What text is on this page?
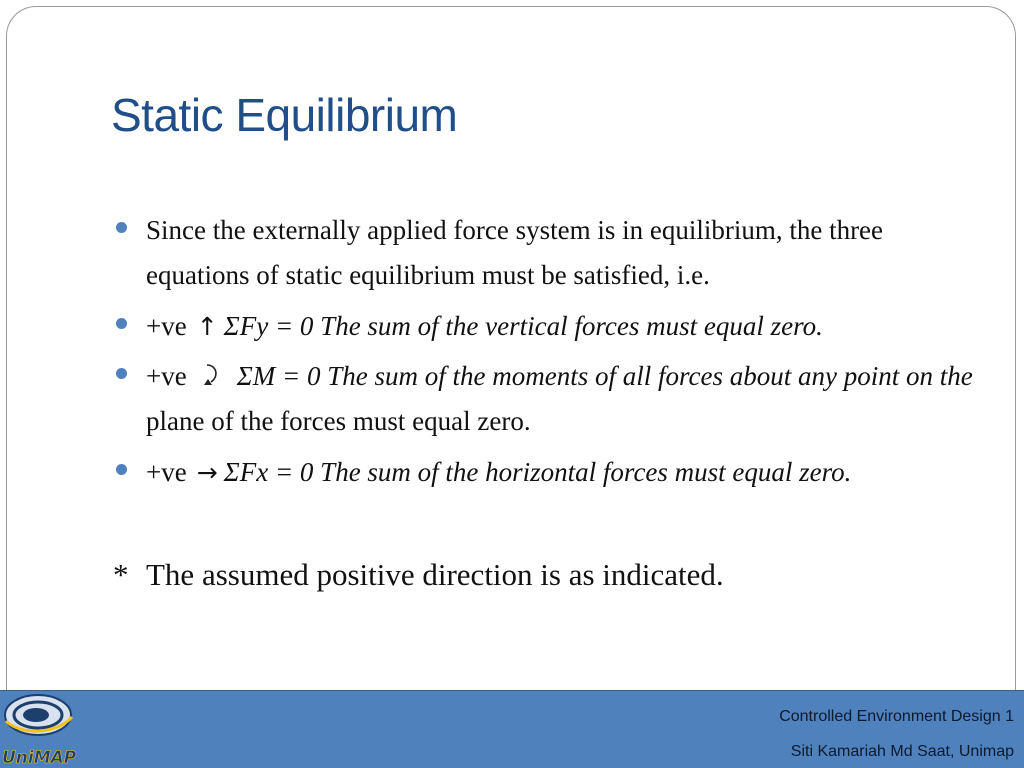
Static Equilibrium

Since the externally applied force system is in equilibrium, the three equations of static equilibrium must be satisfied, i.e.

+ve ↑ ΣFy = 0 The sum of the vertical forces must equal zero.

+ve ΣM = 0 The sum of the moments of all forces about any point on the plane of the forces must equal zero.

+ve → ΣFx = 0 The sum of the horizontal forces must equal zero.

* The assumed positive direction is as indicated.
UniMAP
Controlled Environment Design 1
Siti Kamariah Md Saat, Unimap
